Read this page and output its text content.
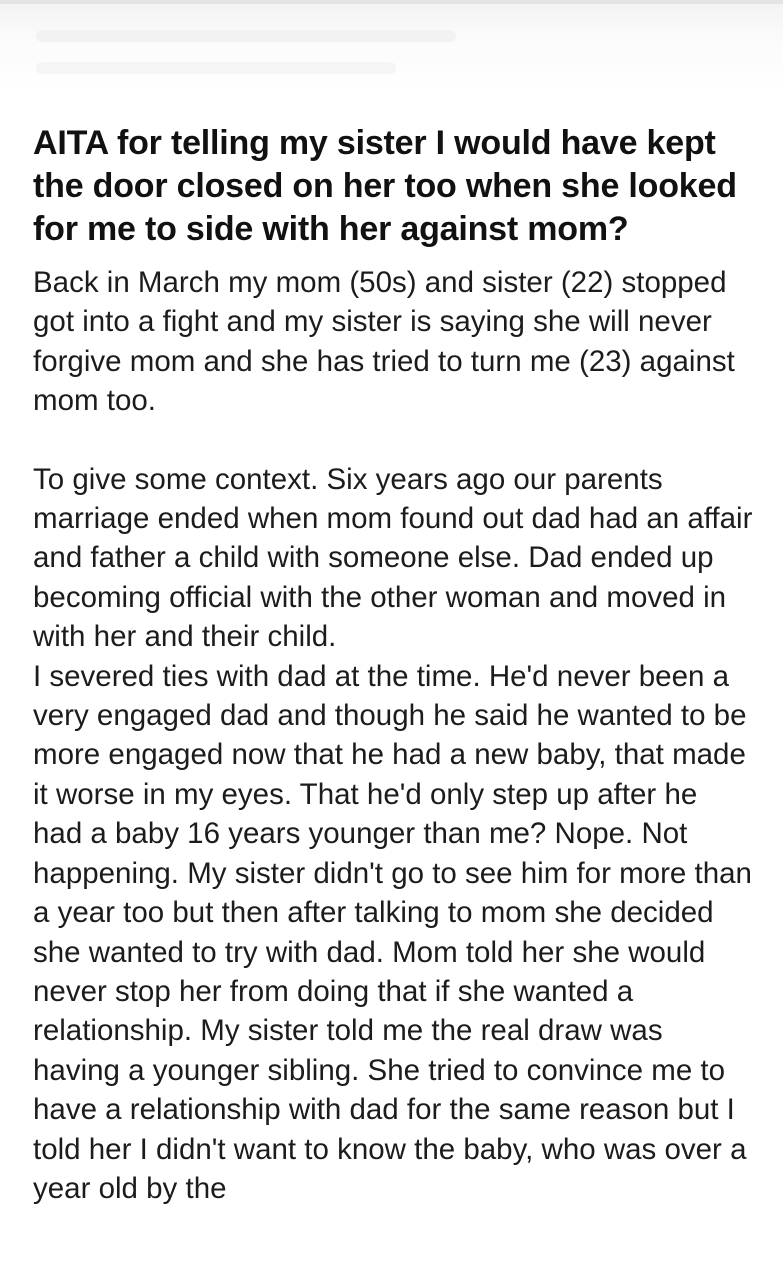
AITA for telling my sister I would have kept the door closed on her too when she looked for me to side with her against mom?

Back in March my mom (50s) and sister (22) stopped got into a fight and my sister is saying she will never forgive mom and she has tried to turn me (23) against mom too.

To give some context. Six years ago our parents marriage ended when mom found out dad had an affair and father a child with someone else. Dad ended up becoming official with the other woman and moved in with her and their child.
I severed ties with dad at the time. He'd never been a very engaged dad and though he said he wanted to be more engaged now that he had a new baby, that made it worse in my eyes. That he'd only step up after he had a baby 16 years younger than me? Nope. Not happening. My sister didn't go to see him for more than a year too but then after talking to mom she decided she wanted to try with dad. Mom told her she would never stop her from doing that if she wanted a relationship. My sister told me the real draw was having a younger sibling. She tried to convince me to have a relationship with dad for the same reason but I told her I didn't want to know the baby, who was over a year old by the
